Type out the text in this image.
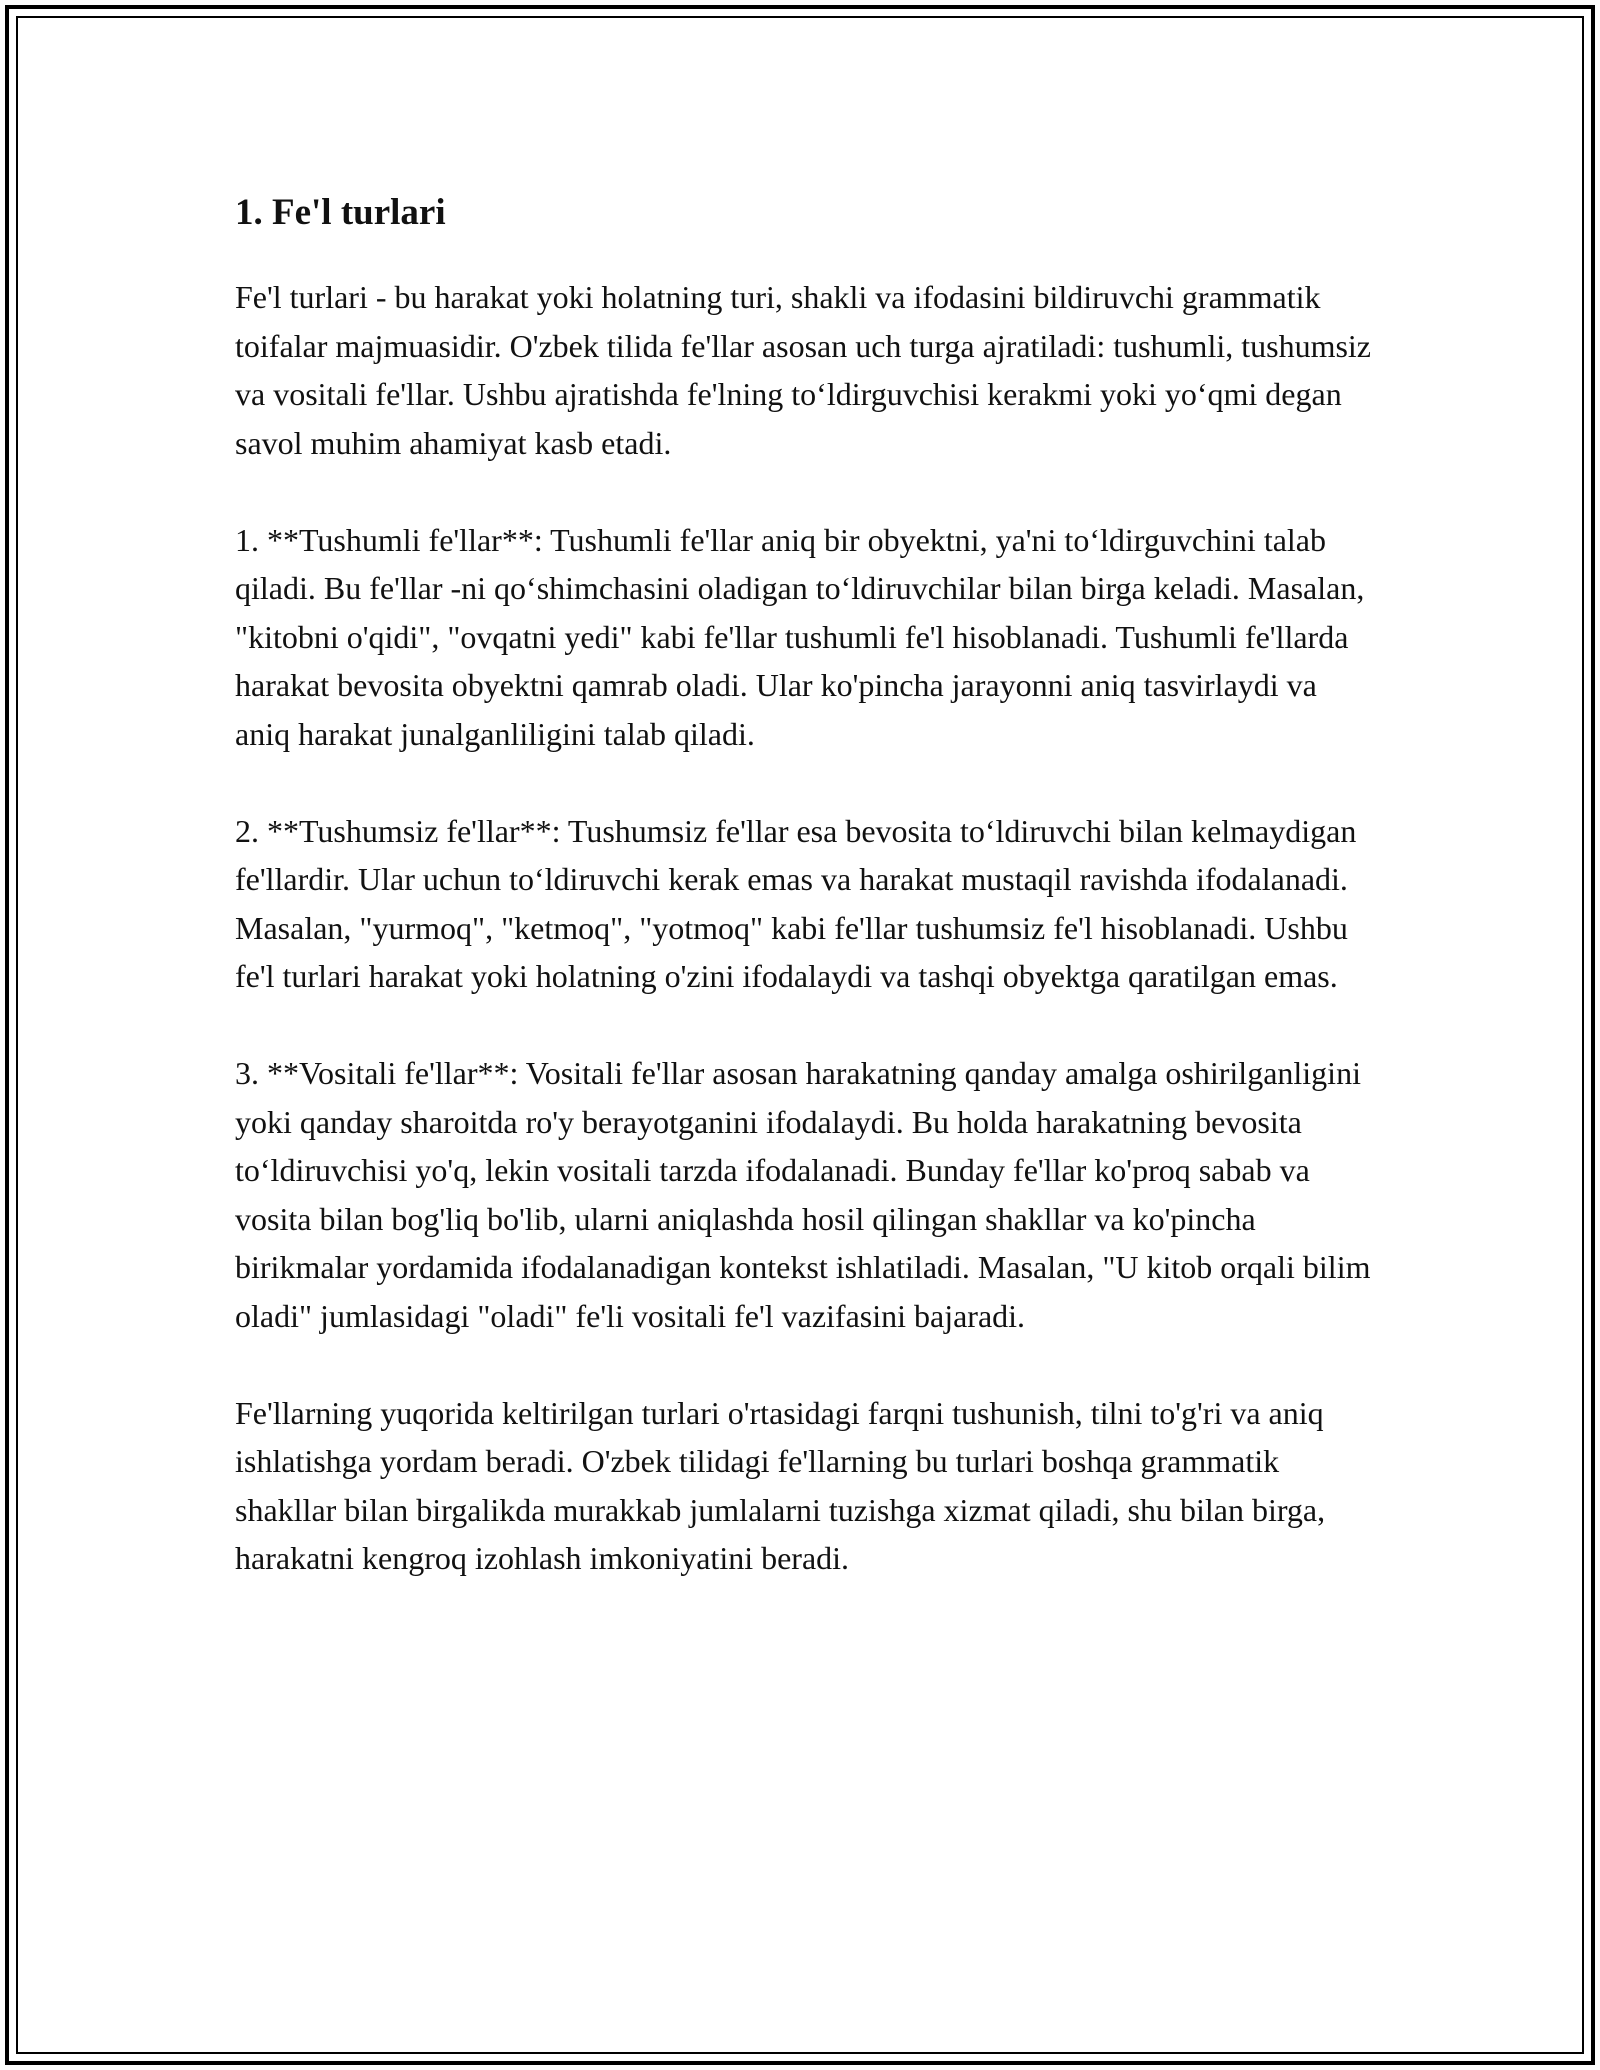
1. Fe'l turlari

Fe'l turlari - bu harakat yoki holatning turi, shakli va ifodasini bildiruvchi grammatik toifalar majmuasidir. O'zbek tilida fe'llar asosan uch turga ajratiladi: tushumli, tushumsiz va vositali fe'llar. Ushbu ajratishda fe'lning to‘ldirguvchisi kerakmi yoki yo‘qmi degan savol muhim ahamiyat kasb etadi.

1. **Tushumli fe'llar**: Tushumli fe'llar aniq bir obyektni, ya'ni to‘ldirguvchini talab qiladi. Bu fe'llar -ni qo‘shimchasini oladigan to‘ldiruvchilar bilan birga keladi. Masalan, "kitobni o'qidi", "ovqatni yedi" kabi fe'llar tushumli fe'l hisoblanadi. Tushumli fe'llarda harakat bevosita obyektni qamrab oladi. Ular ko'pincha jarayonni aniq tasvirlaydi va aniq harakat junalganliligini talab qiladi.

2. **Tushumsiz fe'llar**: Tushumsiz fe'llar esa bevosita to‘ldiruvchi bilan kelmaydigan fe'llardir. Ular uchun to‘ldiruvchi kerak emas va harakat mustaqil ravishda ifodalanadi. Masalan, "yurmoq", "ketmoq", "yotmoq" kabi fe'llar tushumsiz fe'l hisoblanadi. Ushbu fe'l turlari harakat yoki holatning o'zini ifodalaydi va tashqi obyektga qaratilgan emas.

3. **Vositali fe'llar**: Vositali fe'llar asosan harakatning qanday amalga oshirilganligini yoki qanday sharoitda ro'y berayotganini ifodalaydi. Bu holda harakatning bevosita to‘ldiruvchisi yo'q, lekin vositali tarzda ifodalanadi. Bunday fe'llar ko'proq sabab va vosita bilan bog'liq bo'lib, ularni aniqlashda hosil qilingan shakllar va ko'pincha birikmalar yordamida ifodalanadigan kontekst ishlatiladi. Masalan, "U kitob orqali bilim oladi" jumlasidagi "oladi" fe'li vositali fe'l vazifasini bajaradi.

Fe'llarning yuqorida keltirilgan turlari o'rtasidagi farqni tushunish, tilni to'g'ri va aniq ishlatishga yordam beradi. O'zbek tilidagi fe'llarning bu turlari boshqa grammatik shakllar bilan birgalikda murakkab jumlalarni tuzishga xizmat qiladi, shu bilan birga, harakatni kengroq izohlash imkoniyatini beradi.
